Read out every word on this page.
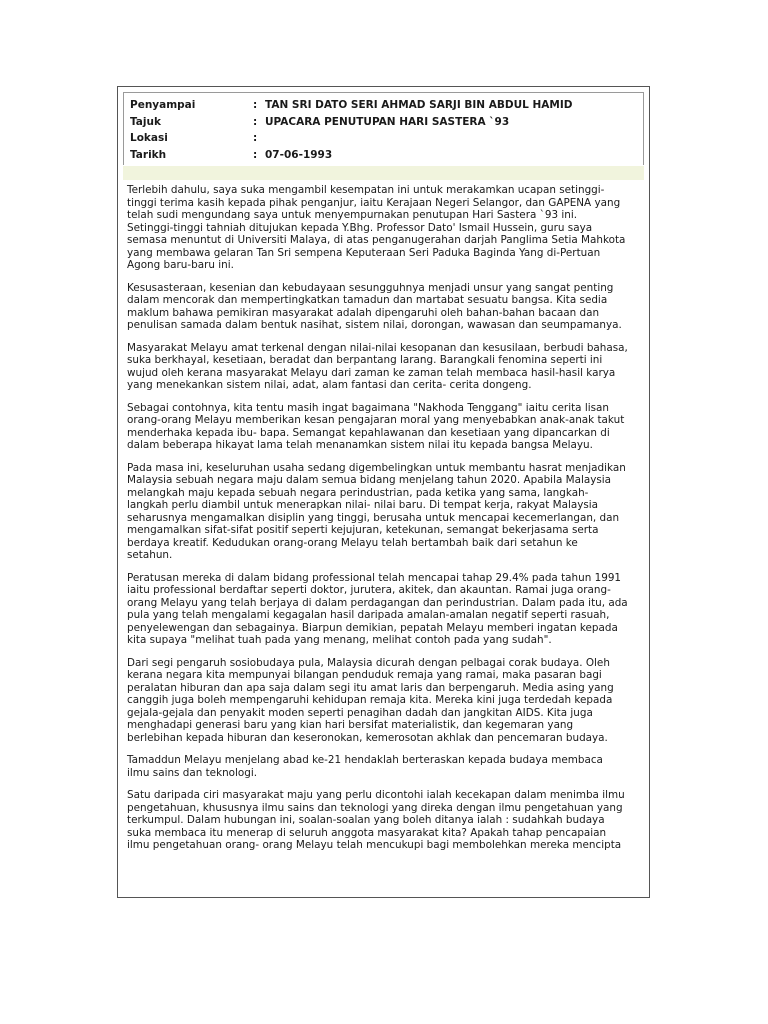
Penyampai	: TAN SRI DATO SERI AHMAD SARJI BIN ABDUL HAMID
Tajuk	: UPACARA PENUTUPAN HARI SASTERA `93
Lokasi	:
Tarikh	: 07-06-1993
Terlebih dahulu, saya suka mengambil kesempatan ini untuk merakamkan ucapan setinggi-
tinggi terima kasih kepada pihak penganjur, iaitu Kerajaan Negeri Selangor, dan GAPENA yang
telah sudi mengundang saya untuk menyempurnakan penutupan Hari Sastera `93 ini.
Setinggi-tinggi tahniah ditujukan kepada Y.Bhg. Professor Dato' Ismail Hussein, guru saya
semasa menuntut di Universiti Malaya, di atas penganugerahan darjah Panglima Setia Mahkota
yang membawa gelaran Tan Sri sempena Keputeraan Seri Paduka Baginda Yang di-Pertuan
Agong baru-baru ini.
Kesusasteraan, kesenian dan kebudayaan sesungguhnya menjadi unsur yang sangat penting
dalam mencorak dan mempertingkatkan tamadun dan martabat sesuatu bangsa. Kita sedia
maklum bahawa pemikiran masyarakat adalah dipengaruhi oleh bahan-bahan bacaan dan
penulisan samada dalam bentuk nasihat, sistem nilai, dorongan, wawasan dan seumpamanya.
Masyarakat Melayu amat terkenal dengan nilai-nilai kesopanan dan kesusilaan, berbudi bahasa,
suka berkhayal, kesetiaan, beradat dan berpantang larang. Barangkali fenomina seperti ini
wujud oleh kerana masyarakat Melayu dari zaman ke zaman telah membaca hasil-hasil karya
yang menekankan sistem nilai, adat, alam fantasi dan cerita- cerita dongeng.
Sebagai contohnya, kita tentu masih ingat bagaimana "Nakhoda Tenggang" iaitu cerita lisan
orang-orang Melayu memberikan kesan pengajaran moral yang menyebabkan anak-anak takut
menderhaka kepada ibu- bapa. Semangat kepahlawanan dan kesetiaan yang dipancarkan di
dalam beberapa hikayat lama telah menanamkan sistem nilai itu kepada bangsa Melayu.
Pada masa ini, keseluruhan usaha sedang digembelingkan untuk membantu hasrat menjadikan
Malaysia sebuah negara maju dalam semua bidang menjelang tahun 2020. Apabila Malaysia
melangkah maju kepada sebuah negara perindustrian, pada ketika yang sama, langkah-
langkah perlu diambil untuk menerapkan nilai- nilai baru. Di tempat kerja, rakyat Malaysia
seharusnya mengamalkan disiplin yang tinggi, berusaha untuk mencapai kecemerlangan, dan
mengamalkan sifat-sifat positif seperti kejujuran, ketekunan, semangat bekerjasama serta
berdaya kreatif. Kedudukan orang-orang Melayu telah bertambah baik dari setahun ke
setahun.
Peratusan mereka di dalam bidang professional telah mencapai tahap 29.4% pada tahun 1991
iaitu professional berdaftar seperti doktor, jurutera, akitek, dan akauntan. Ramai juga orang-
orang Melayu yang telah berjaya di dalam perdagangan dan perindustrian. Dalam pada itu, ada
pula yang telah mengalami kegagalan hasil daripada amalan-amalan negatif seperti rasuah,
penyelewengan dan sebagainya. Biarpun demikian, pepatah Melayu memberi ingatan kepada
kita supaya "melihat tuah pada yang menang, melihat contoh pada yang sudah".
Dari segi pengaruh sosiobudaya pula, Malaysia dicurah dengan pelbagai corak budaya. Oleh
kerana negara kita mempunyai bilangan penduduk remaja yang ramai, maka pasaran bagi
peralatan hiburan dan apa saja dalam segi itu amat laris dan berpengaruh. Media asing yang
canggih juga boleh mempengaruhi kehidupan remaja kita. Mereka kini juga terdedah kepada
gejala-gejala dan penyakit moden seperti penagihan dadah dan jangkitan AIDS. Kita juga
menghadapi generasi baru yang kian hari bersifat materialistik, dan kegemaran yang
berlebihan kepada hiburan dan keseronokan, kemerosotan akhlak dan pencemaran budaya.
Tamaddun Melayu menjelang abad ke-21 hendaklah berteraskan kepada budaya membaca
ilmu sains dan teknologi.
Satu daripada ciri masyarakat maju yang perlu dicontohi ialah kecekapan dalam menimba ilmu
pengetahuan, khususnya ilmu sains dan teknologi yang direka dengan ilmu pengetahuan yang
terkumpul. Dalam hubungan ini, soalan-soalan yang boleh ditanya ialah : sudahkah budaya
suka membaca itu menerap di seluruh anggota masyarakat kita? Apakah tahap pencapaian
ilmu pengetahuan orang- orang Melayu telah mencukupi bagi membolehkan mereka mencipta
